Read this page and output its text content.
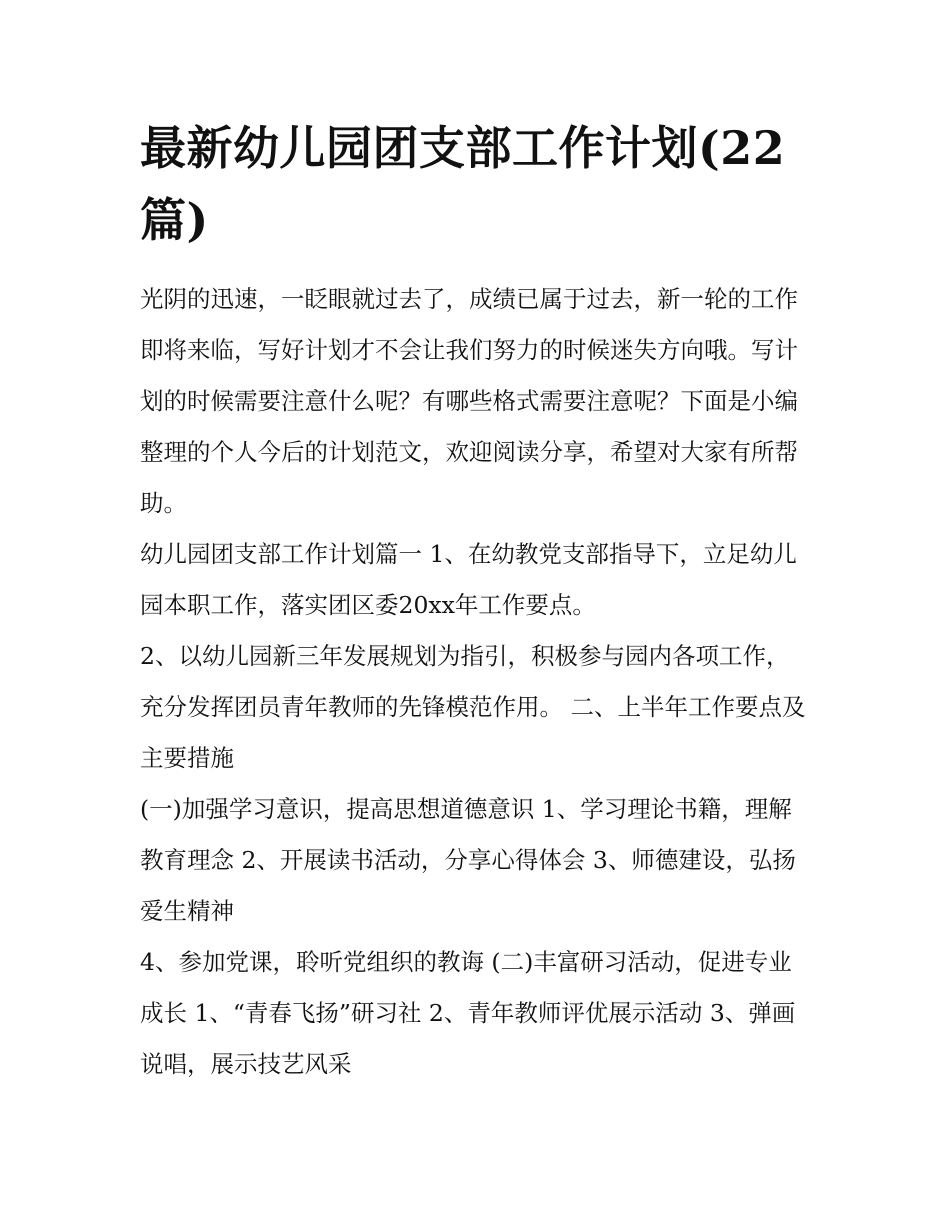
最新幼儿园团支部工作计划(22篇)

光阴的迅速，一眨眼就过去了，成绩已属于过去，新一轮的工作即将来临，写好计划才不会让我们努力的时候迷失方向哦。写计划的时候需要注意什么呢？有哪些格式需要注意呢？下面是小编整理的个人今后的计划范文，欢迎阅读分享，希望对大家有所帮助。

幼儿园团支部工作计划篇一 1、在幼教党支部指导下，立足幼儿园本职工作，落实团区委20xx年工作要点。

2、以幼儿园新三年发展规划为指引，积极参与园内各项工作，充分发挥团员青年教师的先锋模范作用。 二、上半年工作要点及主要措施

(一)加强学习意识，提高思想道德意识 1、学习理论书籍，理解教育理念 2、开展读书活动，分享心得体会 3、师德建设，弘扬爱生精神

4、参加党课，聆听党组织的教诲 (二)丰富研习活动，促进专业成长 1、“青春飞扬”研习社 2、青年教师评优展示活动 3、弹画说唱，展示技艺风采
